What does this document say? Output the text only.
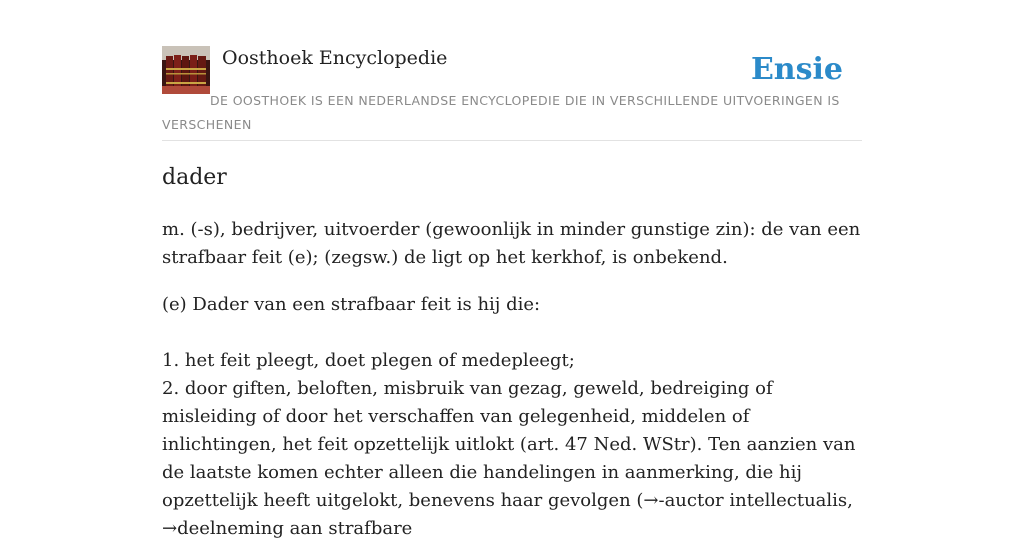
Oosthoek Encyclopedie	Ensie
DE OOSTHOEK IS EEN NEDERLANDSE ENCYCLOPEDIE DIE IN VERSCHILLENDE UITVOERINGEN IS VERSCHENEN
dader

m. (-s), bedrijver, uitvoerder (gewoonlijk in minder gunstige zin): de van een strafbaar feit (e); (zegsw.) de ligt op het kerkhof, is onbekend.

(e) Dader van een strafbaar feit is hij die:
1. het feit pleegt, doet plegen of medepleegt;
2. door giften, beloften, misbruik van gezag, geweld, bedreiging of misleiding of door het verschaffen van gelegenheid, middelen of inlichtingen, het feit opzettelijk uitlokt (art. 47 Ned. WStr). Ten aanzien van de laatste komen echter alleen die handelingen in aanmerking, die hij opzettelijk heeft uitgelokt, benevens haar gevolgen (→-auctor intellectualis, →deelneming aan strafbare
